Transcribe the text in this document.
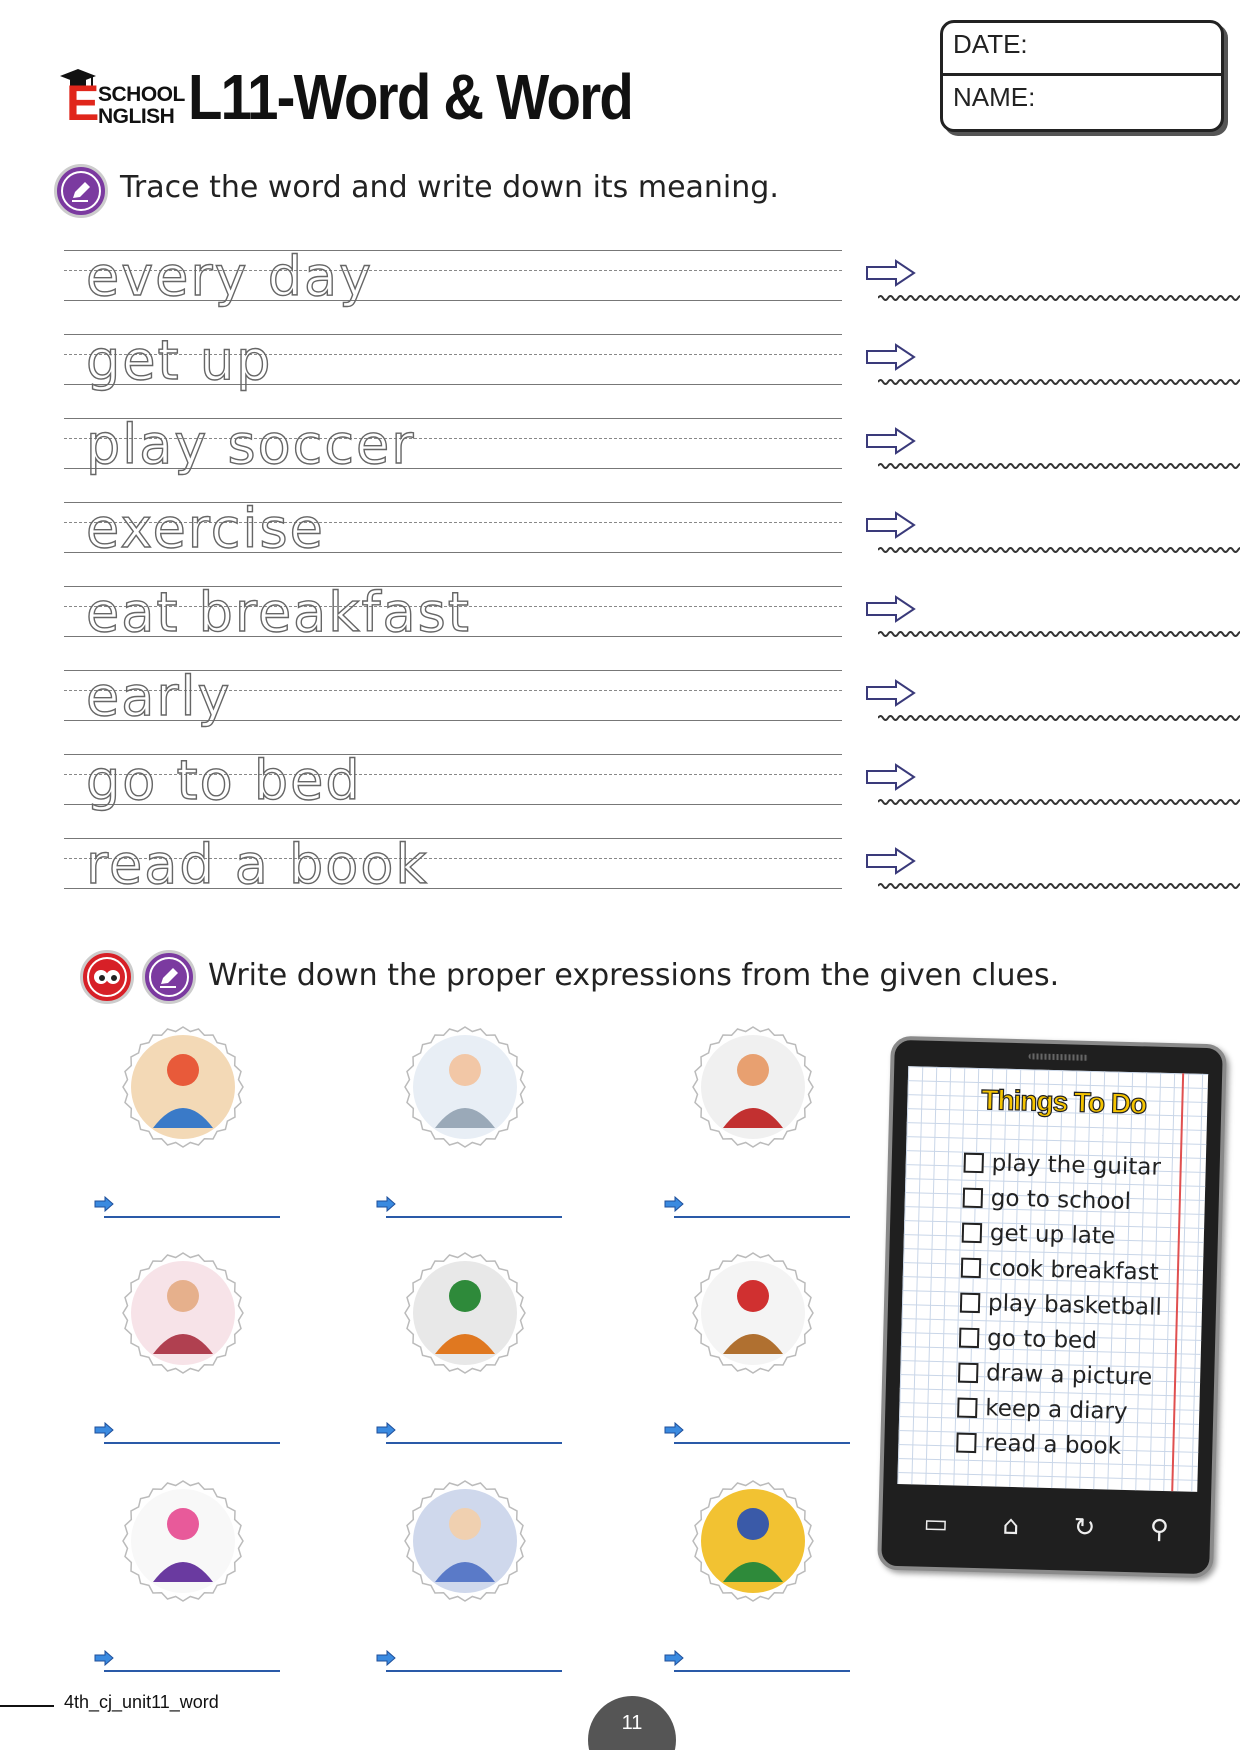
E
SCHOOL
NGLISH L11-Word & Word
DATE:
NAME:
Trace the word and write down its meaning.
every day
get up
play soccer
exercise
eat breakfast
early
go to bed
read a book
Write down the proper expressions from the given clues.
Things To Do
play the guitar
go to school
get up late
cook breakfast
play basketball
go to bed
draw a picture
keep a diary
read a book
▭ ⌂ ↻ ⚲
4th_cj_unit11_word
11
